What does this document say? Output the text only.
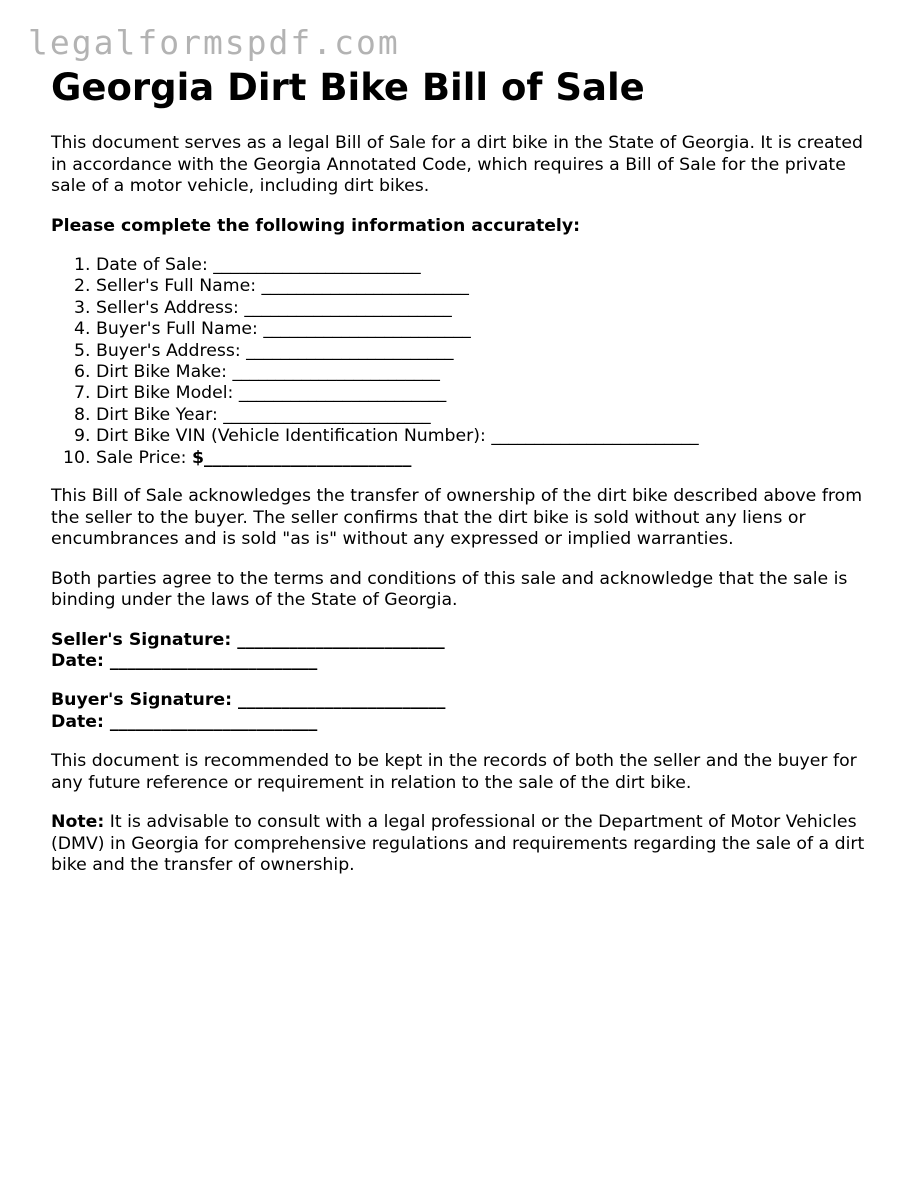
legalformspdf.com
Georgia Dirt Bike Bill of Sale

This document serves as a legal Bill of Sale for a dirt bike in the State of Georgia. It is created in accordance with the Georgia Annotated Code, which requires a Bill of Sale for the private sale of a motor vehicle, including dirt bikes.

Please complete the following information accurately:

1. Date of Sale: ________________________
2. Seller's Full Name: ________________________
3. Seller's Address: ________________________
4. Buyer's Full Name: ________________________
5. Buyer's Address: ________________________
6. Dirt Bike Make: ________________________
7. Dirt Bike Model: ________________________
8. Dirt Bike Year: ________________________
9. Dirt Bike VIN (Vehicle Identification Number): ________________________
10. Sale Price: $________________________

This Bill of Sale acknowledges the transfer of ownership of the dirt bike described above from the seller to the buyer. The seller confirms that the dirt bike is sold without any liens or encumbrances and is sold "as is" without any expressed or implied warranties.

Both parties agree to the terms and conditions of this sale and acknowledge that the sale is binding under the laws of the State of Georgia.

Seller's Signature: ________________________
Date: ________________________
Buyer's Signature: ________________________
Date: ________________________

This document is recommended to be kept in the records of both the seller and the buyer for any future reference or requirement in relation to the sale of the dirt bike.

Note: It is advisable to consult with a legal professional or the Department of Motor Vehicles (DMV) in Georgia for comprehensive regulations and requirements regarding the sale of a dirt bike and the transfer of ownership.
